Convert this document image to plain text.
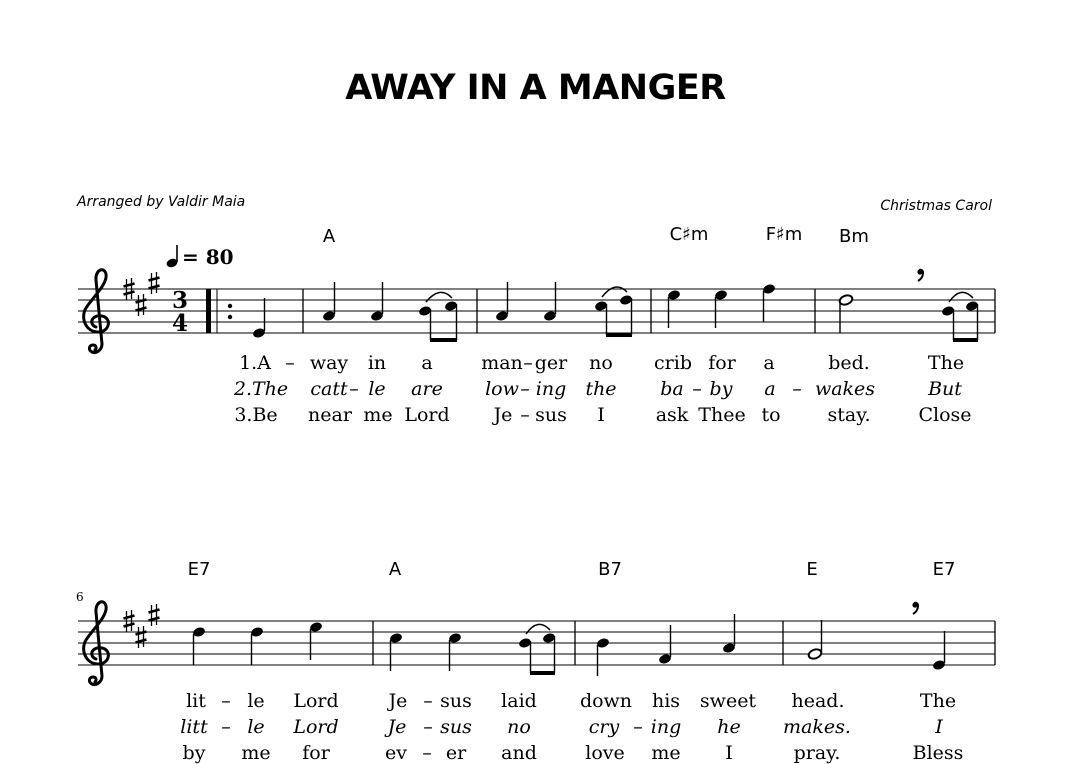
AWAY IN A MANGER
Arranged by Valdir Maia	Christmas Carol
= 80
A	C♯m	F♯m Bm
E7	A	B7	E	E7
6
3
4
1.A – way in a	man – ger no crib for a	bed.	The
2.The catt – le are low – ing the ba – by a – wakes	But
3.Be near me Lord Je – sus I	ask Thee to stay.	Close
lit – le Lord	Je – sus laid down his sweet head.	The
litt – le Lord	Je – sus no	cry – ing he makes.	I
by me for	ev – er and	love me I	pray.	Bless
